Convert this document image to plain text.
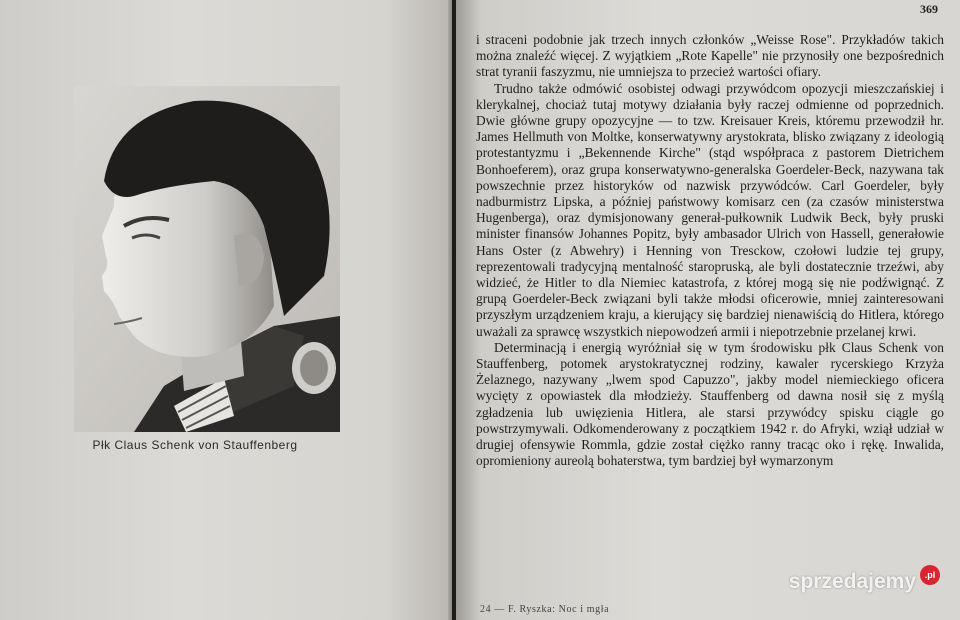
Płk Claus Schenk von Stauffenberg
369

i straceni podobnie jak trzech innych członków „Weisse Rose". Przykładów takich można znaleźć więcej. Z wyjątkiem „Rote Kapelle" nie przynosiły one bezpośrednich strat tyranii faszyzmu, nie umniejsza to przecież wartości ofiary.

Trudno także odmówić osobistej odwagi przywódcom opozycji mieszczańskiej i klerykalnej, chociaż tutaj motywy działania były raczej odmienne od poprzednich. Dwie główne grupy opozycyjne — to tzw. Kreisauer Kreis, któremu przewodził hr. James Hellmuth von Moltke, konserwatywny arystokrata, blisko związany z ideologią protestantyzmu i „Bekennende Kirche" (stąd współpraca z pastorem Dietrichem Bonhoeferem), oraz grupa konserwatywno-generalska Goerdeler-Beck, nazywana tak powszechnie przez historyków od nazwisk przywódców. Carl Goerdeler, były nadburmistrz Lipska, a później państwowy komisarz cen (za czasów ministerstwa Hugenberga), oraz dymisjonowany generał-pułkownik Ludwik Beck, były pruski minister finansów Johannes Popitz, były ambasador Ulrich von Hassell, generałowie Hans Oster (z Abwehry) i Henning von Tresckow, czołowi ludzie tej grupy, reprezentowali tradycyjną mentalność staropruską, ale byli dostatecznie trzeźwi, aby widzieć, że Hitler to dla Niemiec katastrofa, z której mogą się nie podźwignąć. Z grupą Goerdeler-Beck związani byli także młodsi oficerowie, mniej zainteresowani przyszłym urządzeniem kraju, a kierujący się bardziej nienawiścią do Hitlera, którego uważali za sprawcę wszystkich niepowodzeń armii i niepotrzebnie przelanej krwi.

Determinacją i energią wyróżniał się w tym środowisku płk Claus Schenk von Stauffenberg, potomek arystokratycznej rodziny, kawaler rycerskiego Krzyża Żelaznego, nazywany „lwem spod Capuzzo", jakby model niemieckiego oficera wycięty z opowiastek dla młodzieży. Stauffenberg od dawna nosił się z myślą zgładzenia lub uwięzienia Hitlera, ale starsi przywódcy spisku ciągle go powstrzymywali. Odkomenderowany z początkiem 1942 r. do Afryki, wziął udział w drugiej ofensywie Rommla, gdzie został ciężko ranny tracąc oko i rękę. Inwalida, opromieniony aureolą bohaterstwa, tym bardziej był wymarzonym

24 — F. Ryszka: Noc i mgła
sprzedajemy .pl
